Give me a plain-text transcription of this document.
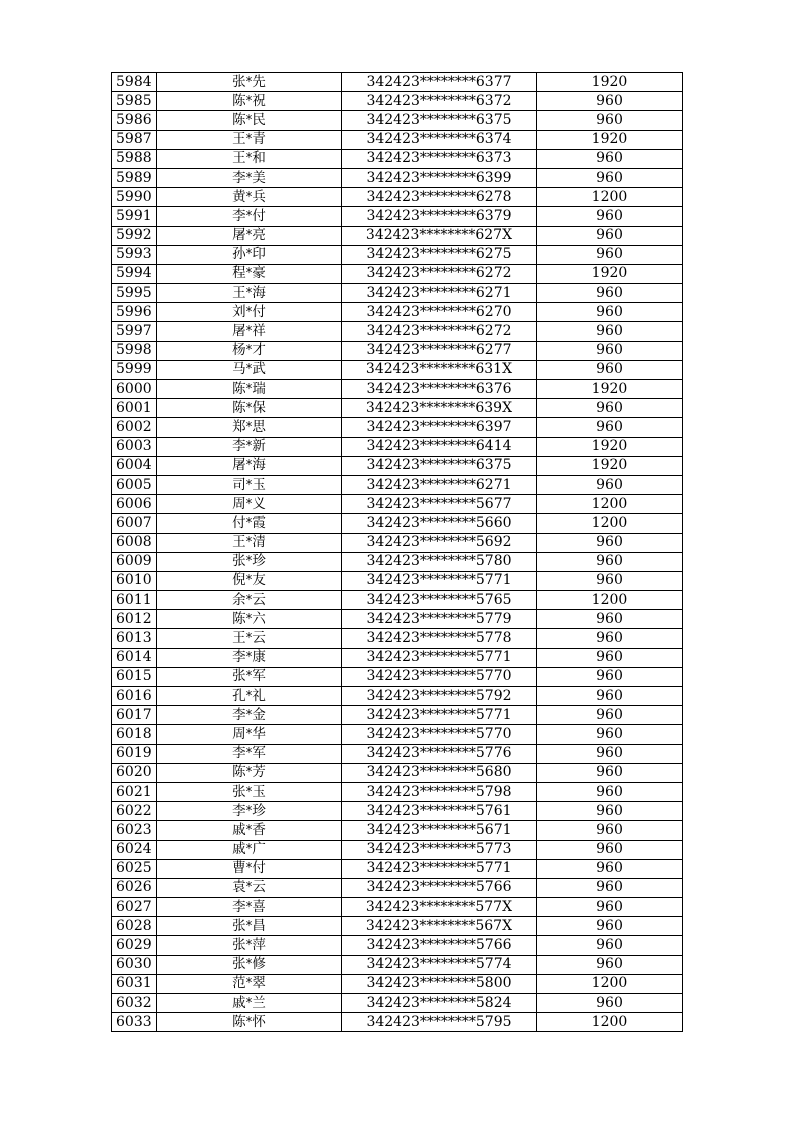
5984	张*先	342423********6377	1920
5985	陈*祝	342423********6372	960
5986	陈*民	342423********6375	960
5987	王*青	342423********6374	1920
5988	王*和	342423********6373	960
5989	李*美	342423********6399	960
5990	黄*兵	342423********6278	1200
5991	李*付	342423********6379	960
5992	屠*亮	342423********627X	960
5993	孙*印	342423********6275	960
5994	程*豪	342423********6272	1920
5995	王*海	342423********6271	960
5996	刘*付	342423********6270	960
5997	屠*祥	342423********6272	960
5998	杨*才	342423********6277	960
5999	马*武	342423********631X	960
6000	陈*瑞	342423********6376	1920
6001	陈*保	342423********639X	960
6002	郑*思	342423********6397	960
6003	李*新	342423********6414	1920
6004	屠*海	342423********6375	1920
6005	司*玉	342423********6271	960
6006	周*义	342423********5677	1200
6007	付*霞	342423********5660	1200
6008	王*清	342423********5692	960
6009	张*珍	342423********5780	960
6010	倪*友	342423********5771	960
6011	余*云	342423********5765	1200
6012	陈*六	342423********5779	960
6013	王*云	342423********5778	960
6014	李*康	342423********5771	960
6015	张*军	342423********5770	960
6016	孔*礼	342423********5792	960
6017	李*金	342423********5771	960
6018	周*华	342423********5770	960
6019	李*军	342423********5776	960
6020	陈*芳	342423********5680	960
6021	张*玉	342423********5798	960
6022	李*珍	342423********5761	960
6023	戚*香	342423********5671	960
6024	戚*广	342423********5773	960
6025	曹*付	342423********5771	960
6026	袁*云	342423********5766	960
6027	李*喜	342423********577X	960
6028	张*昌	342423********567X	960
6029	张*萍	342423********5766	960
6030	张*修	342423********5774	960
6031	范*翠	342423********5800	1200
6032	戚*兰	342423********5824	960
6033	陈*怀	342423********5795	1200
